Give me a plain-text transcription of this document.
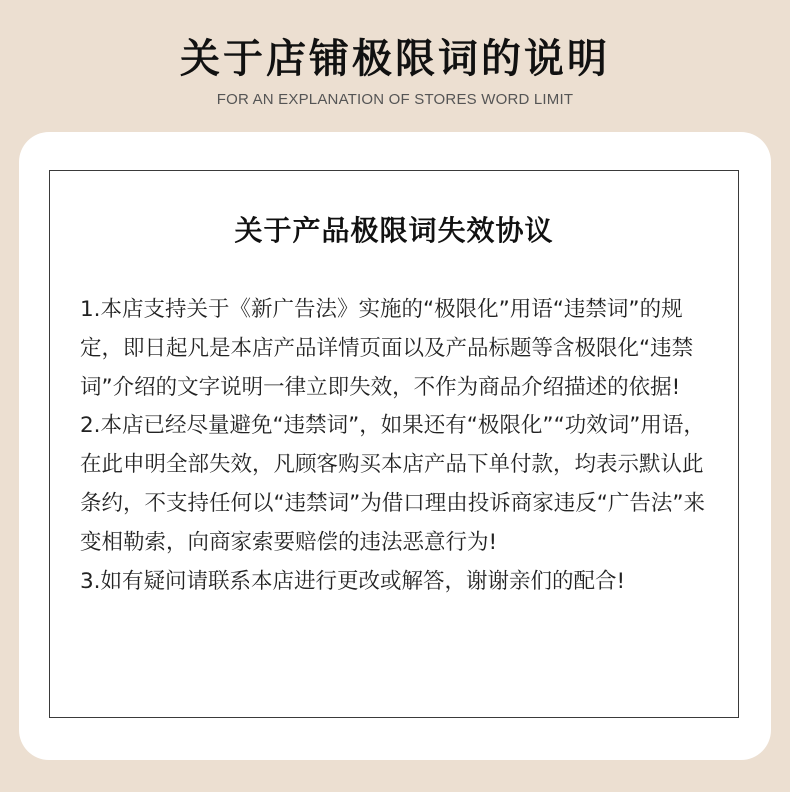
关于店铺极限词的说明
FOR AN EXPLANATION OF STORES WORD LIMIT
关于产品极限词失效协议

1.本店支持关于《新广告法》实施的“极限化”用语“违禁词”的规定，即日起凡是本店产品详情页面以及产品标题等含极限化“违禁词”介绍的文字说明一律立即失效，不作为商品介绍描述的依据!

2.本店已经尽量避免“违禁词”，如果还有“极限化”“功效词”用语，在此申明全部失效，凡顾客购买本店产品下单付款，均表示默认此条约，不支持任何以“违禁词”为借口理由投诉商家违反“广告法”来变相勒索，向商家索要赔偿的违法恶意行为!

3.如有疑问请联系本店进行更改或解答，谢谢亲们的配合!
